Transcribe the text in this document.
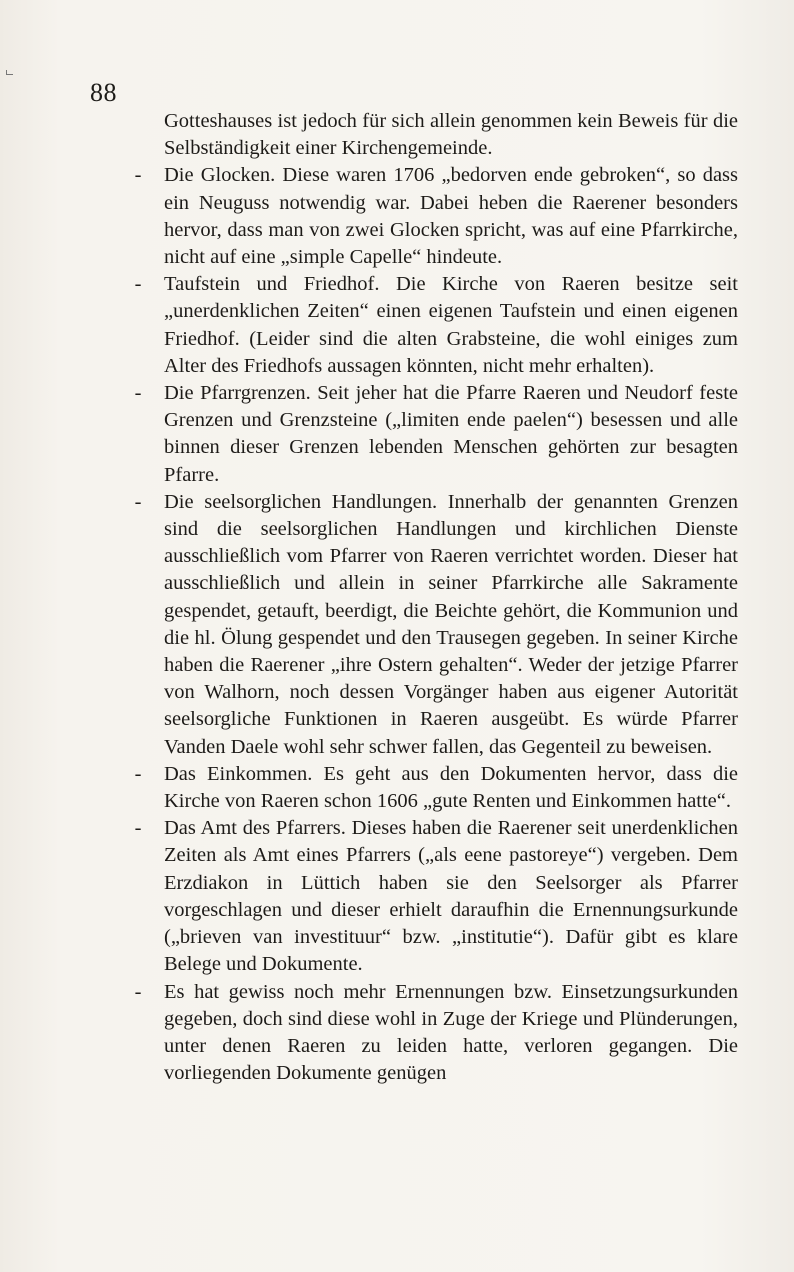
88

Gotteshauses ist jedoch für sich allein genommen kein Beweis für die Selbständigkeit einer Kirchengemeinde.

-	Die Glocken. Diese waren 1706 „bedorven ende gebroken“, so dass ein Neuguss notwendig war. Dabei heben die Raerener besonders hervor, dass man von zwei Glocken spricht, was auf eine Pfarrkirche, nicht auf eine „simple Capelle“ hindeute.

-	Taufstein und Friedhof. Die Kirche von Raeren besitze seit „unerdenklichen Zeiten“ einen eigenen Taufstein und einen eigenen Friedhof. (Leider sind die alten Grabsteine, die wohl einiges zum Alter des Friedhofs aussagen könnten, nicht mehr erhalten).

-	Die Pfarrgrenzen. Seit jeher hat die Pfarre Raeren und Neudorf feste Grenzen und Grenzsteine („limiten ende paelen“) besessen und alle binnen dieser Grenzen lebenden Menschen gehörten zur besagten Pfarre.

-	Die seelsorglichen Handlungen. Innerhalb der genannten Grenzen sind die seelsorglichen Handlungen und kirchlichen Dienste ausschließlich vom Pfarrer von Raeren verrichtet worden. Dieser hat ausschließlich und allein in seiner Pfarrkirche alle Sakramente gespendet, getauft, beerdigt, die Beichte gehört, die Kommunion und die hl. Ölung gespendet und den Trausegen gegeben. In seiner Kirche haben die Raerener „ihre Ostern gehalten“. Weder der jetzige Pfarrer von Walhorn, noch dessen Vorgänger haben aus eigener Autorität seelsorgliche Funktionen in Raeren ausgeübt. Es würde Pfarrer Vanden Daele wohl sehr schwer fallen, das Gegenteil zu beweisen.

-	Das Einkommen. Es geht aus den Dokumenten hervor, dass die Kirche von Raeren schon 1606 „gute Renten und Einkommen hatte“.

-	Das Amt des Pfarrers. Dieses haben die Raerener seit unerdenklichen Zeiten als Amt eines Pfarrers („als eene pastoreye“) vergeben. Dem Erzdiakon in Lüttich haben sie den Seelsorger als Pfarrer vorgeschlagen und dieser erhielt daraufhin die Ernennungsurkunde („brieven van investituur“ bzw. „institutie“). Dafür gibt es klare Belege und Dokumente.

-	Es hat gewiss noch mehr Ernennungen bzw. Einsetzungsurkunden gegeben, doch sind diese wohl in Zuge der Kriege und Plünderungen, unter denen Raeren zu leiden hatte, verloren gegangen. Die vorliegenden Dokumente genügen
